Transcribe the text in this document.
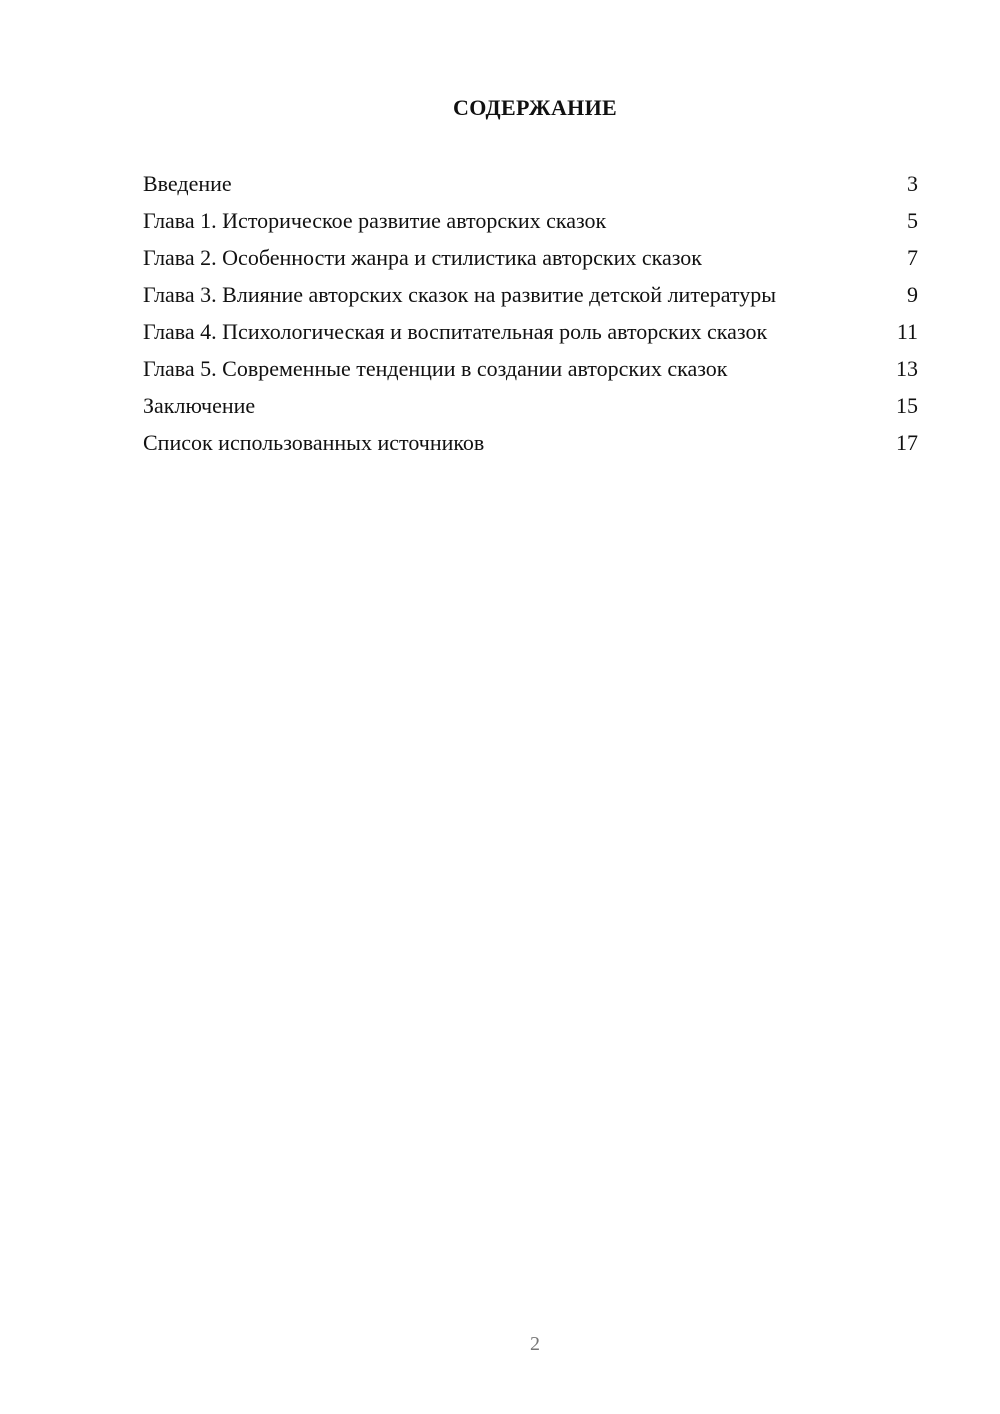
СОДЕРЖАНИЕ
Введение	3
Глава 1. Историческое развитие авторских сказок	5
Глава 2. Особенности жанра и стилистика авторских сказок	7
Глава 3. Влияние авторских сказок на развитие детской литературы	9
Глава 4. Психологическая и воспитательная роль авторских сказок	11
Глава 5. Современные тенденции в создании авторских сказок	13
Заключение	15
Список использованных источников	17
2
